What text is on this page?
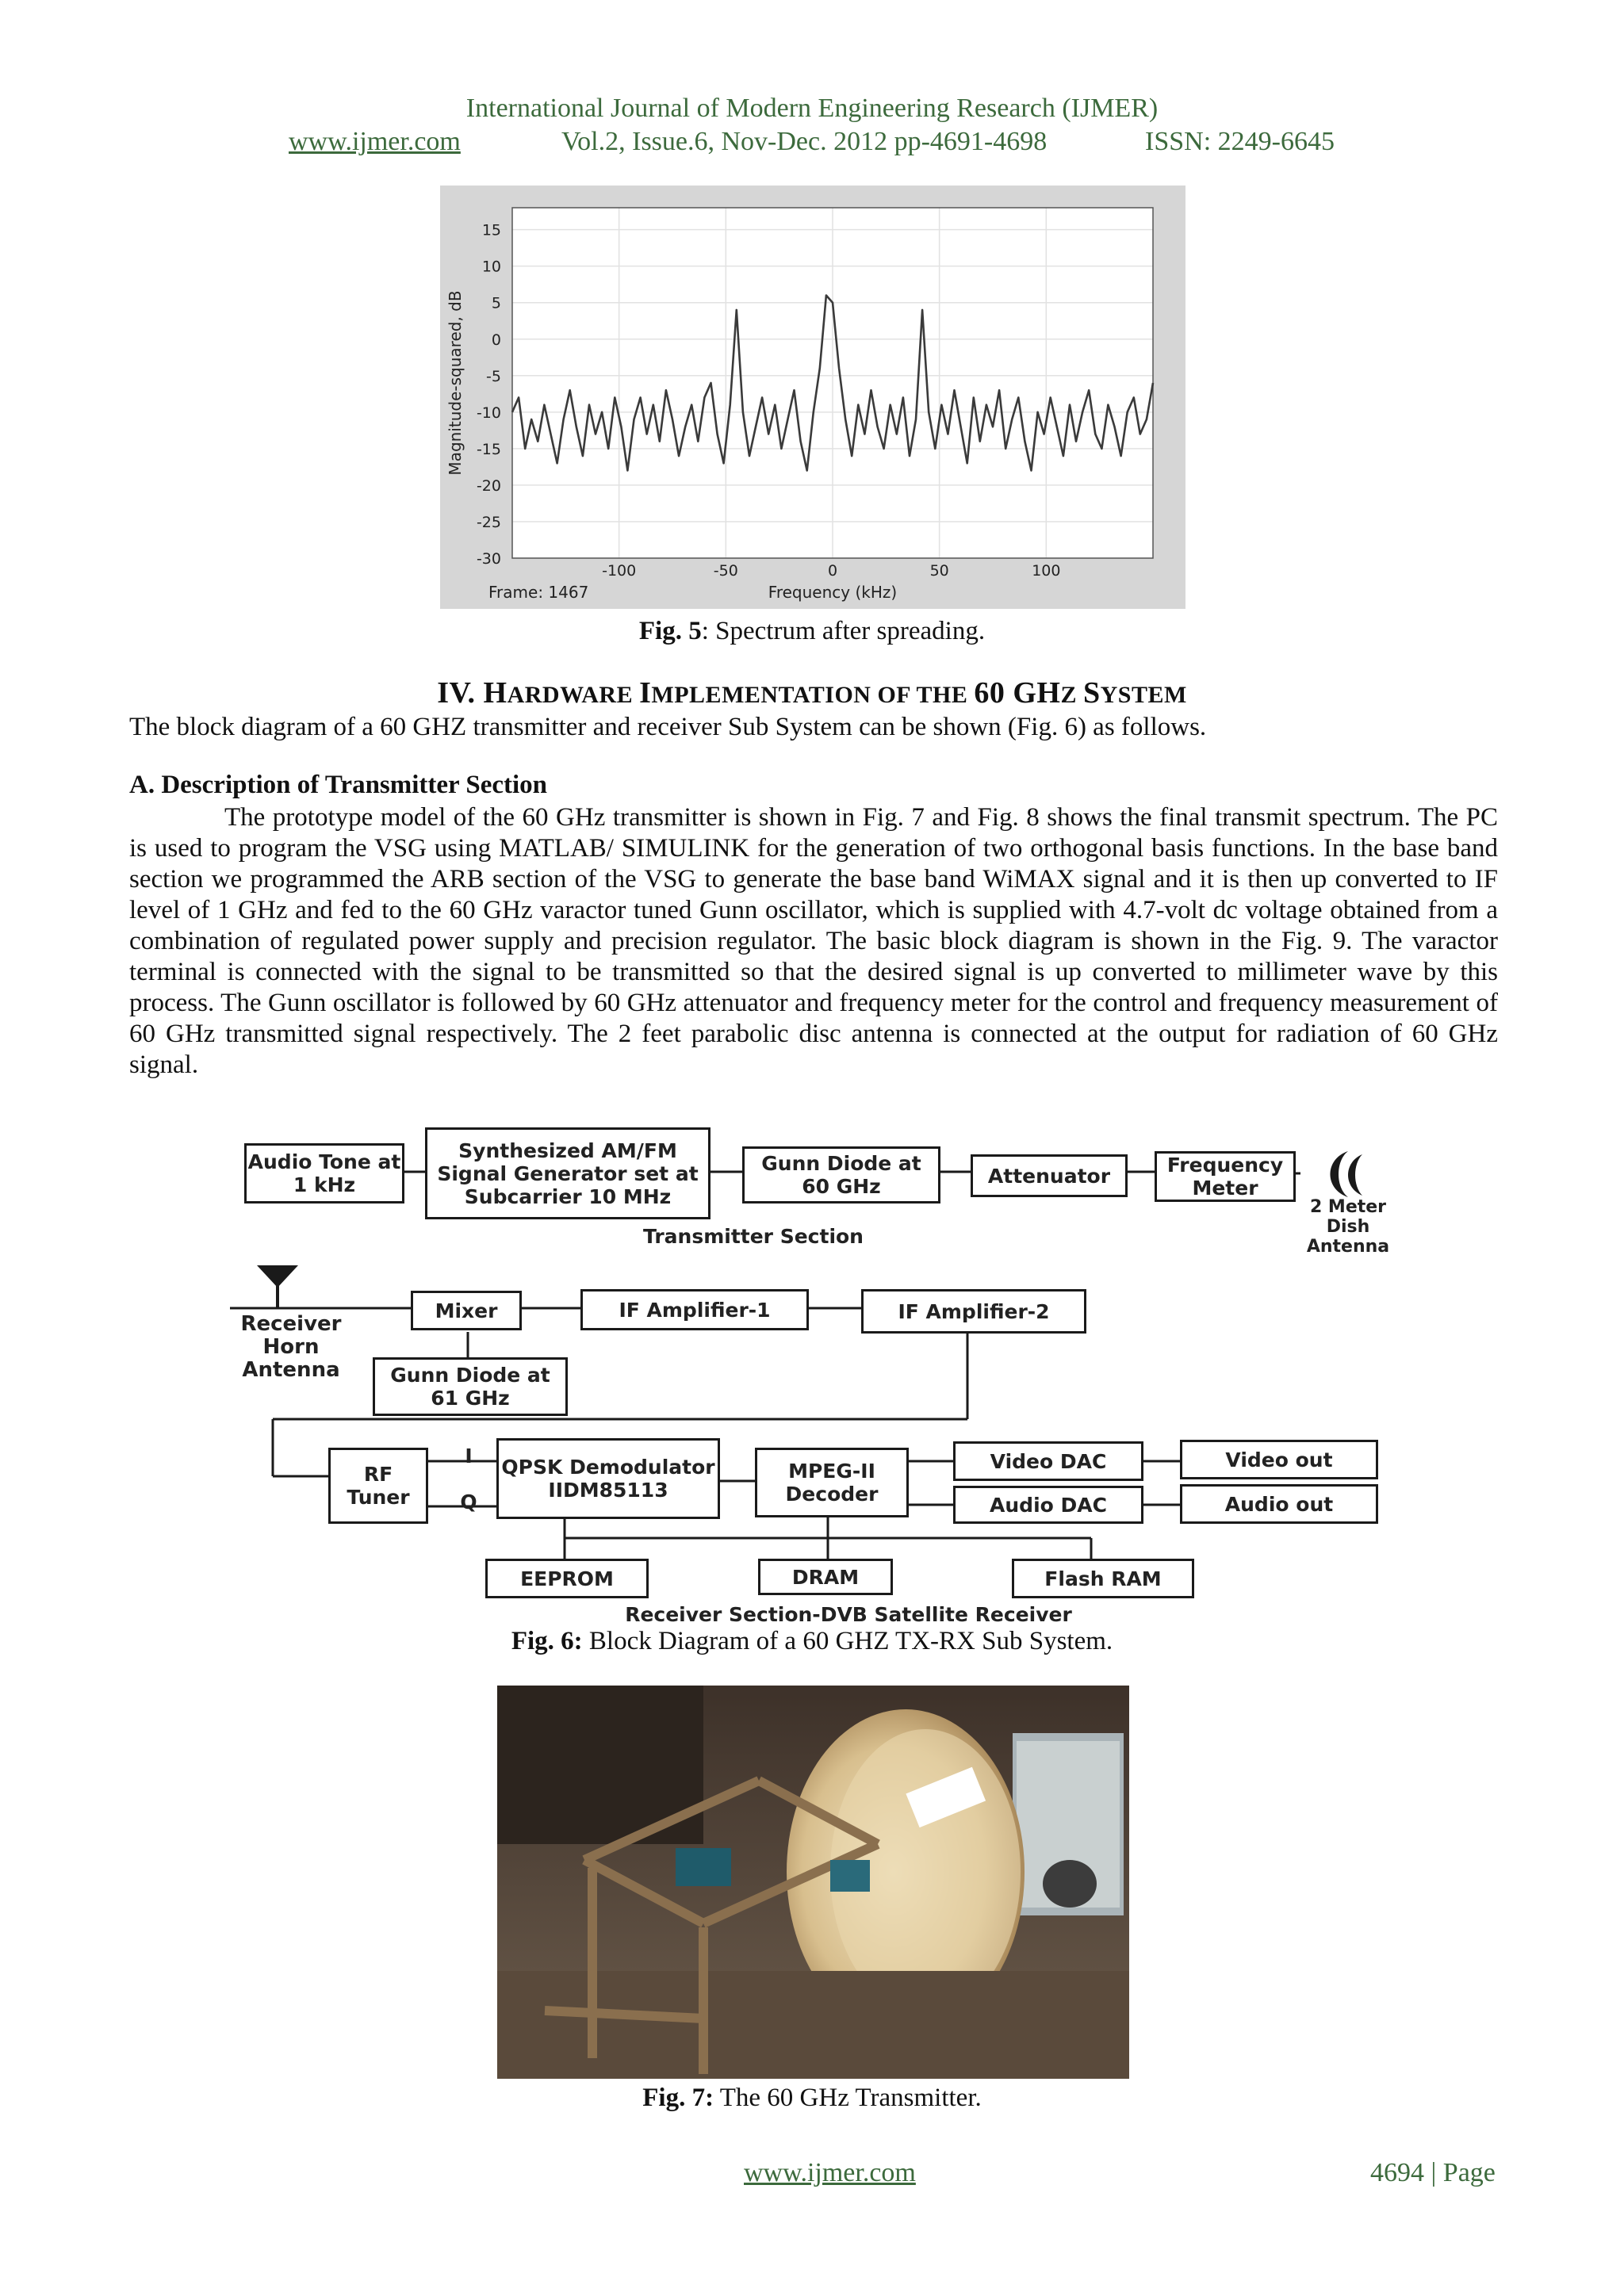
International Journal of Modern Engineering Research (IJMER)
www.ijmer.com	Vol.2, Issue.6, Nov-Dec. 2012 pp-4691-4698	ISSN: 2249-6645
15
10
5
0
-5
-10
-15
-20
-25
-30
-100	-50	0	50	100
Frequency (kHz)
Magnitude-squared, dB
Frame: 1467
Fig. 5: Spectrum after spreading.
IV. HARDWARE IMPLEMENTATION OF THE 60 GHZ SYSTEM
The block diagram of a 60 GHZ transmitter and receiver Sub System can be shown (Fig. 6) as follows.
A. Description of Transmitter Section
The prototype model of the 60 GHz transmitter is shown in Fig. 7 and Fig. 8 shows the final transmit spectrum. The PC is used to program the VSG using MATLAB/ SIMULINK for the generation of two orthogonal basis functions. In the base band section we programmed the ARB section of the VSG to generate the base band WiMAX signal and it is then up converted to IF level of 1 GHz and fed to the 60 GHz varactor tuned Gunn oscillator, which is supplied with 4.7-volt dc voltage obtained from a combination of regulated power supply and precision regulator. The basic block diagram is shown in the Fig. 9. The varactor terminal is connected with the signal to be transmitted so that the desired signal is up converted to millimeter wave by this process. The Gunn oscillator is followed by 60 GHz attenuator and frequency meter for the control and frequency measurement of 60 GHz transmitted signal respectively. The 2 feet parabolic disc antenna is connected at the output for radiation of 60 GHz signal.
Audio Tone at 1 kHz
Synthesized AM/FM Signal Generator set at Subcarrier 10 MHz
Gunn Diode at 60 GHz	Attenuator	Frequency Meter
2 Meter Dish Antenna
Transmitter Section
Receiver Horn Antenna
Mixer	IF Amplifier-1	IF Amplifier-2
Gunn Diode at 61 GHz
RF Tuner
I
Q
QPSK Demodulator IIDM85113
MPEG-II Decoder
Video DAC
Audio DAC
Video out
Audio out
EEPROM	DRAM	Flash RAM
Receiver Section-DVB Satellite Receiver
Fig. 6: Block Diagram of a 60 GHZ TX-RX Sub System.
Fig. 7: The 60 GHz Transmitter.
www.ijmer.com	4694 | Page
